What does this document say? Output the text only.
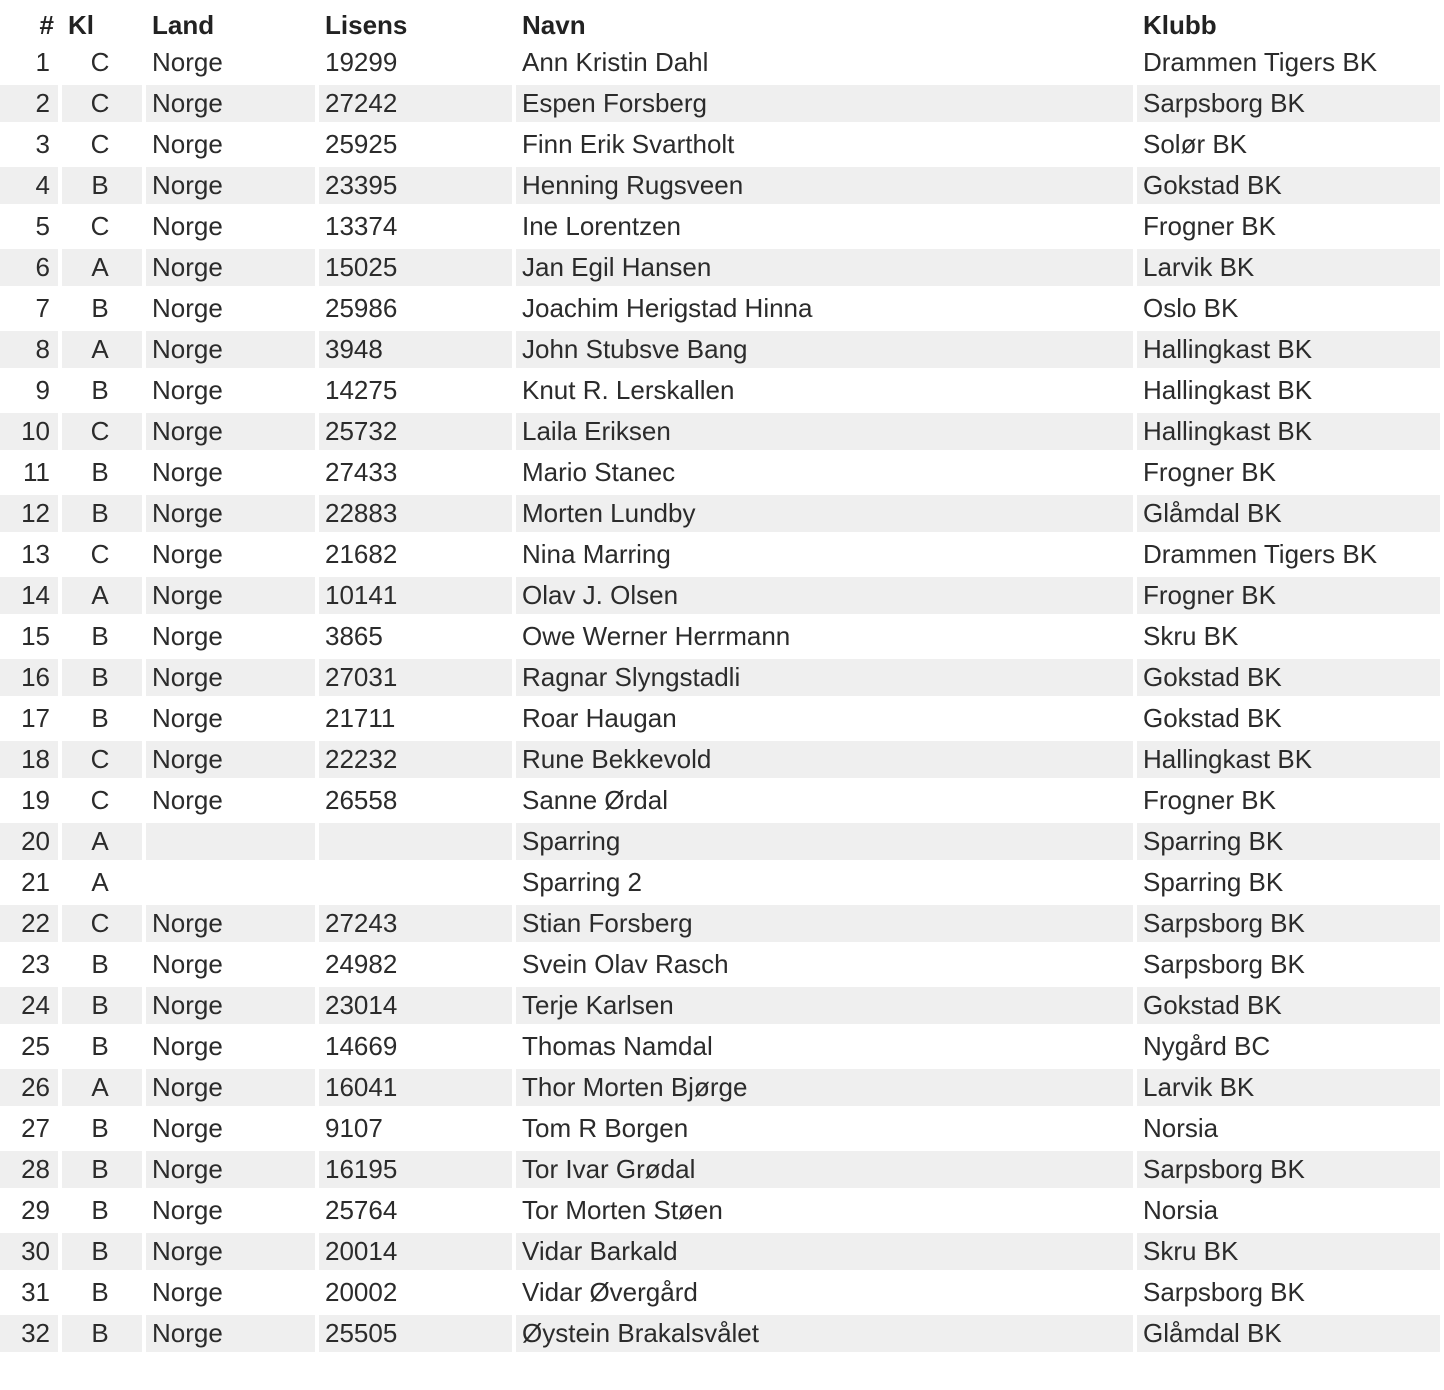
#	Kl	Land	Lisens	Navn	Klubb
1	C	Norge	19299	Ann Kristin Dahl	Drammen Tigers BK
2	C	Norge	27242	Espen Forsberg	Sarpsborg BK
3	C	Norge	25925	Finn Erik Svartholt	Solør BK
4	B	Norge	23395	Henning Rugsveen	Gokstad BK
5	C	Norge	13374	Ine Lorentzen	Frogner BK
6	A	Norge	15025	Jan Egil Hansen	Larvik BK
7	B	Norge	25986	Joachim Herigstad Hinna	Oslo BK
8	A	Norge	3948	John Stubsve Bang	Hallingkast BK
9	B	Norge	14275	Knut R. Lerskallen	Hallingkast BK
10	C	Norge	25732	Laila Eriksen	Hallingkast BK
11	B	Norge	27433	Mario Stanec	Frogner BK
12	B	Norge	22883	Morten Lundby	Glåmdal BK
13	C	Norge	21682	Nina Marring	Drammen Tigers BK
14	A	Norge	10141	Olav J. Olsen	Frogner BK
15	B	Norge	3865	Owe Werner Herrmann	Skru BK
16	B	Norge	27031	Ragnar Slyngstadli	Gokstad BK
17	B	Norge	21711	Roar Haugan	Gokstad BK
18	C	Norge	22232	Rune Bekkevold	Hallingkast BK
19	C	Norge	26558	Sanne Ørdal	Frogner BK
20	A			Sparring	Sparring BK
21	A			Sparring 2	Sparring BK
22	C	Norge	27243	Stian Forsberg	Sarpsborg BK
23	B	Norge	24982	Svein Olav Rasch	Sarpsborg BK
24	B	Norge	23014	Terje Karlsen	Gokstad BK
25	B	Norge	14669	Thomas Namdal	Nygård BC
26	A	Norge	16041	Thor Morten Bjørge	Larvik BK
27	B	Norge	9107	Tom R Borgen	Norsia
28	B	Norge	16195	Tor Ivar Grødal	Sarpsborg BK
29	B	Norge	25764	Tor Morten Støen	Norsia
30	B	Norge	20014	Vidar Barkald	Skru BK
31	B	Norge	20002	Vidar Øvergård	Sarpsborg BK
32	B	Norge	25505	Øystein Brakalsvålet	Glåmdal BK
